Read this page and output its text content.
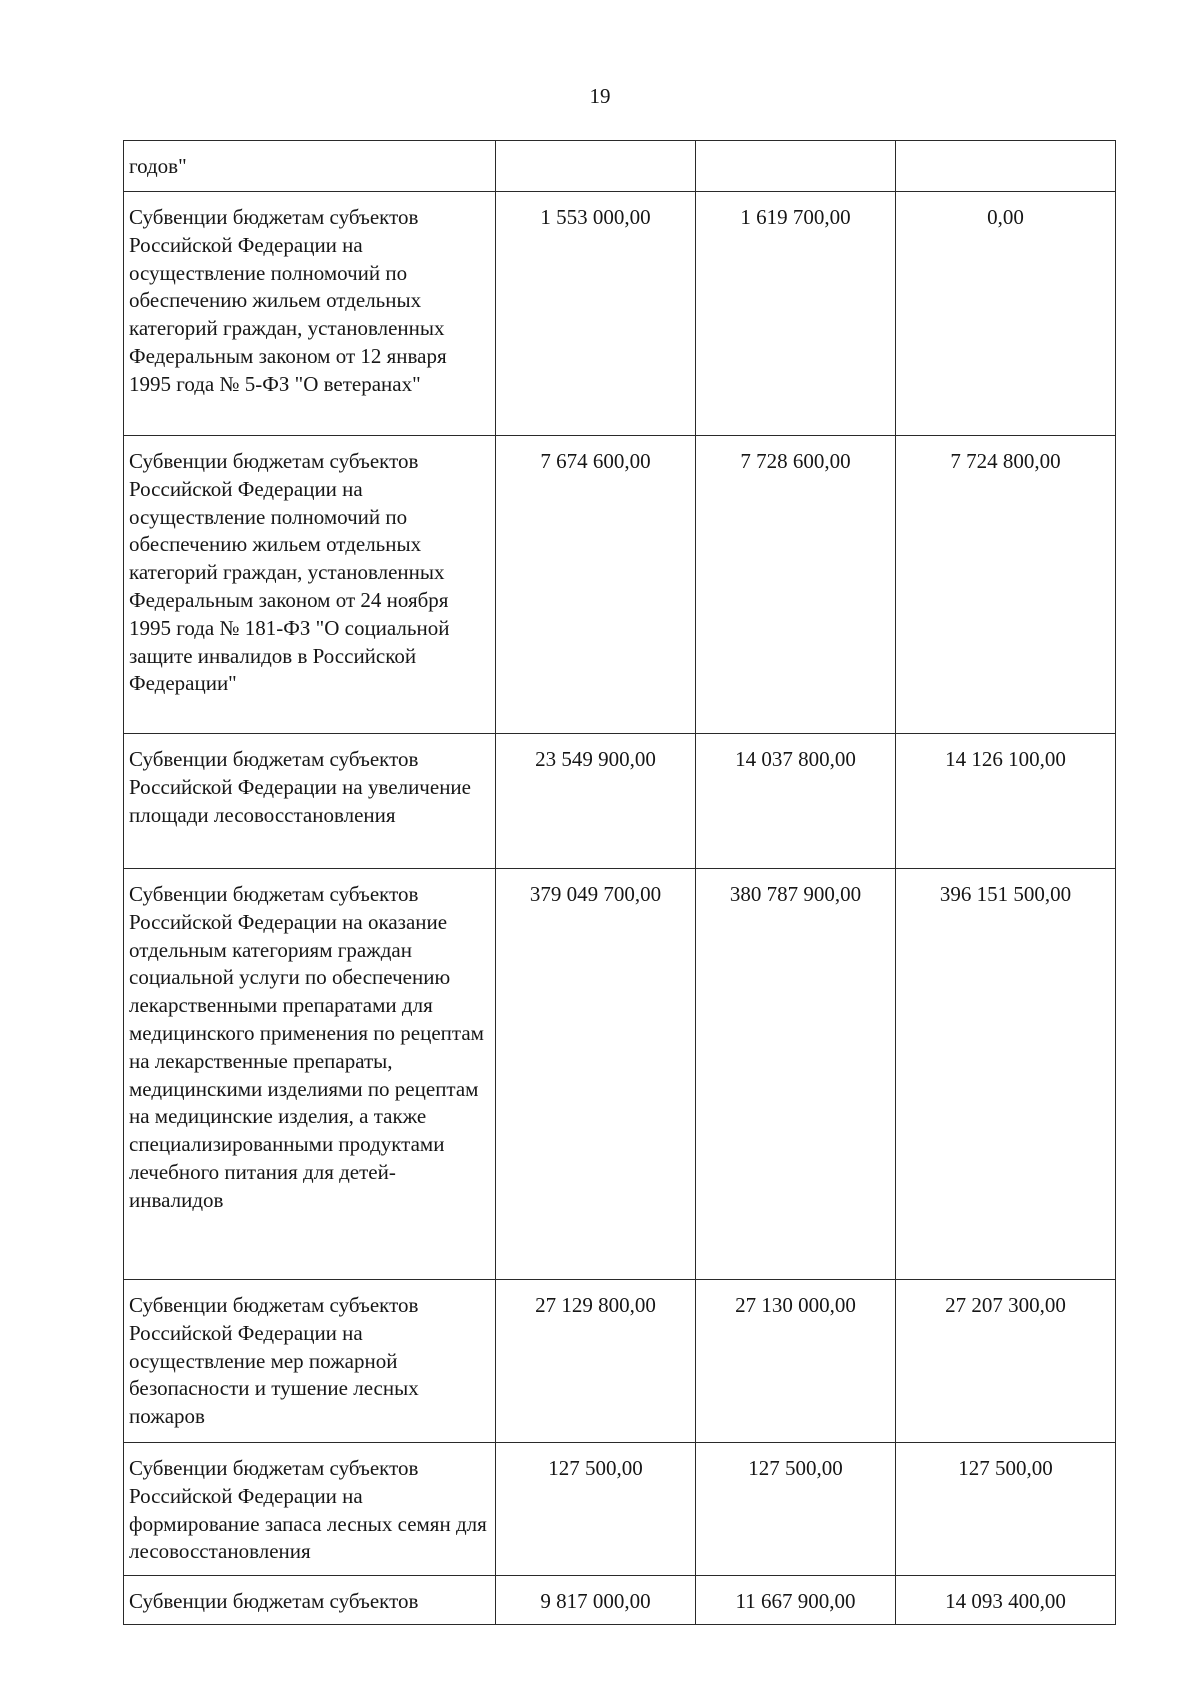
19
годов"			
Субвенции бюджетам субъектов Российской Федерации на осуществление полномочий по обеспечению жильем отдельных категорий граждан, установленных Федеральным законом от 12 января 1995 года № 5-ФЗ "О ветеранах"	1 553 000,00	1 619 700,00	0,00
Субвенции бюджетам субъектов Российской Федерации на осуществление полномочий по обеспечению жильем отдельных категорий граждан, установленных Федеральным законом от 24 ноября 1995 года № 181-ФЗ "О социальной защите инвалидов в Российской Федерации"	7 674 600,00	7 728 600,00	7 724 800,00
Субвенции бюджетам субъектов Российской Федерации на увеличение площади лесовосстановления	23 549 900,00	14 037 800,00	14 126 100,00
Субвенции бюджетам субъектов Российской Федерации на оказание отдельным категориям граждан социальной услуги по обеспечению лекарственными препаратами для медицинского применения по рецептам на лекарственные препараты, медицинскими изделиями по рецептам на медицинские изделия, а также специализированными продуктами лечебного питания для детей-инвалидов	379 049 700,00	380 787 900,00	396 151 500,00
Субвенции бюджетам субъектов Российской Федерации на осуществление мер пожарной безопасности и тушение лесных пожаров	27 129 800,00	27 130 000,00	27 207 300,00
Субвенции бюджетам субъектов Российской Федерации на формирование запаса лесных семян для лесовосстановления	127 500,00	127 500,00	127 500,00
Субвенции бюджетам субъектов	9 817 000,00	11 667 900,00	14 093 400,00
